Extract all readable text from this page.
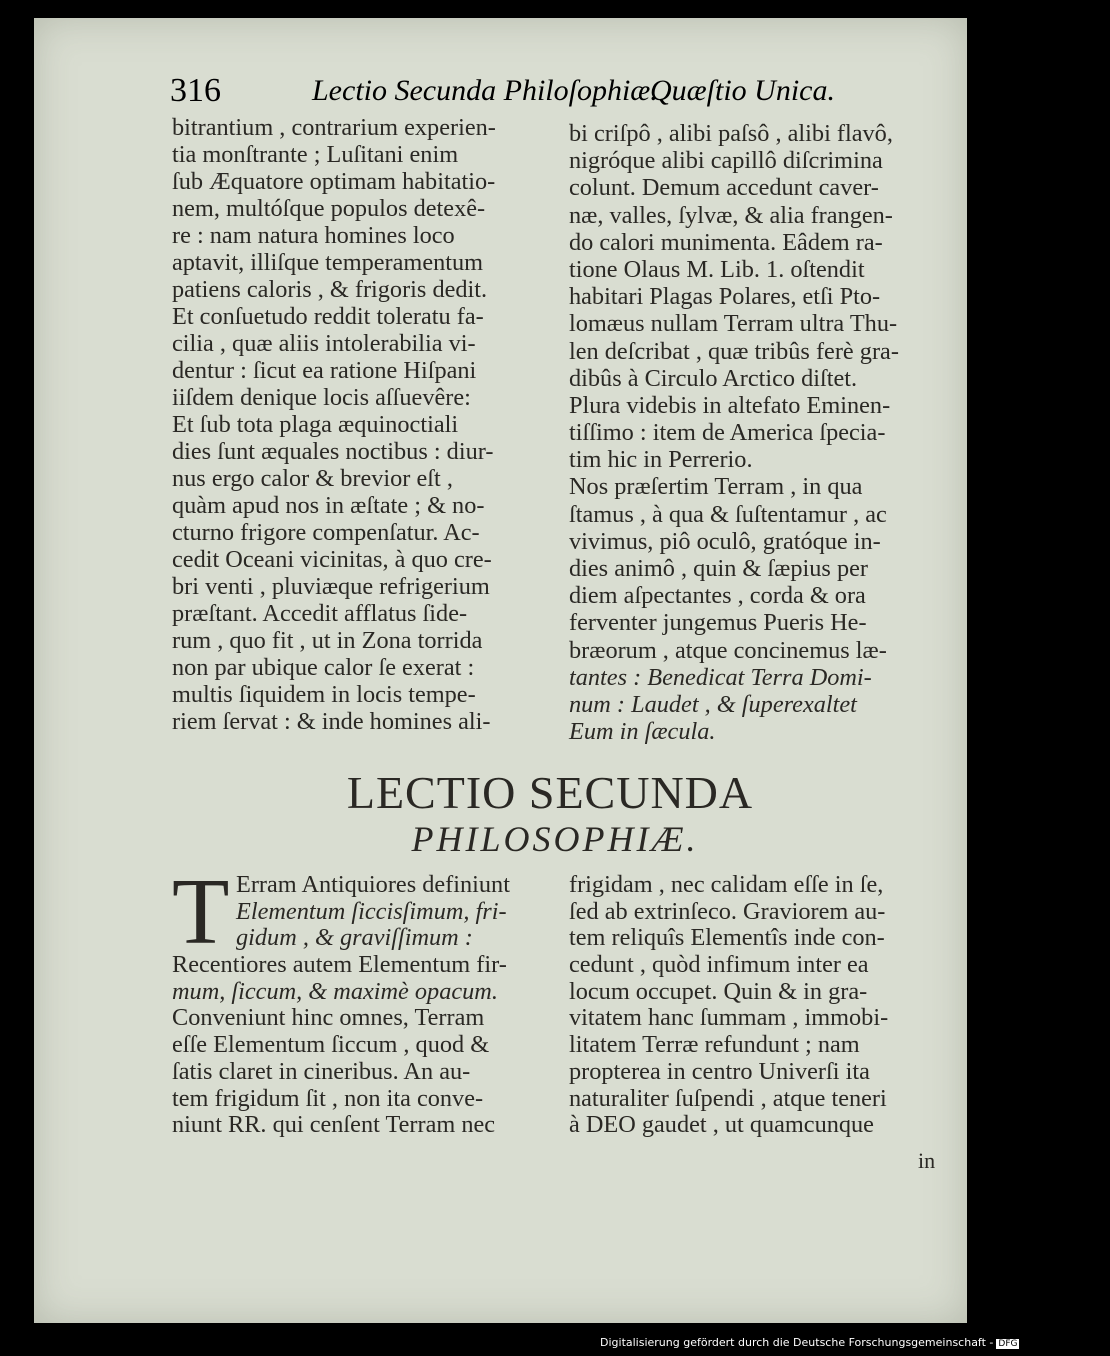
316	Lectio Secunda Philoſophiæ.
Quæſtio Unica.
bitrantium , contrarium experien-
tia monſtrante ; Luſitani enim
ſub Æquatore optimam habitatio-
nem, multóſque populos detexê-
re : nam natura homines loco
aptavit, illiſque temperamentum
patiens caloris , & frigoris dedit.
Et conſuetudo reddit toleratu fa-
cilia , quæ aliis intolerabilia vi-
dentur : ſicut ea ratione Hiſpani
iiſdem denique locis aſſuevêre:
Et ſub tota plaga æquinoctiali
dies ſunt æquales noctibus : diur-
nus ergo calor & brevior eſt ,
quàm apud nos in æſtate ; & no-
cturno frigore compenſatur. Ac-
cedit Oceani vicinitas, à quo cre-
bri venti , pluviæque refrigerium
præſtant. Accedit afflatus ſide-
rum , quo fit , ut in Zona torrida
non par ubique calor ſe exerat :
multis ſiquidem in locis tempe-
riem ſervat : & inde homines ali-
bi criſpô , alibi paſsô , alibi flavô,
nigróque alibi capillô diſcrimina
colunt. Demum accedunt caver-
næ, valles, ſylvæ, & alia frangen-
do calori munimenta. Eâdem ra-
tione Olaus M. Lib. 1. oſtendit
habitari Plagas Polares, etſi Pto-
lomæus nullam Terram ultra Thu-
len deſcribat , quæ tribûs ferè gra-
dibûs à Circulo Arctico diſtet.
Plura videbis in altefato Eminen-
tiſſimo : item de America ſpecia-
tim hic in Perrerio.
Nos præſertim Terram , in qua
ſtamus , à qua & ſuſtentamur , ac
vivimus, piô oculô, gratóque in-
dies animô , quin & ſæpius per
diem aſpectantes , corda & ora
ferventer jungemus Pueris He-
bræorum , atque concinemus læ-
tantes : Benedicat Terra Domi-
num : Laudet , & ſuperexaltet
Eum in ſæcula.
LECTIO SECUNDA
PHILOSOPHIÆ.
T Erram Antiquiores definiunt
Elementum ſiccisſimum, fri-
gidum , & graviſſimum :
Recentiores autem Elementum fir-
mum, ſiccum, & maximè opacum.
Conveniunt hinc omnes, Terram
eſſe Elementum ſiccum , quod &
ſatis claret in cineribus. An au-
tem frigidum ſit , non ita conve-
niunt RR. qui cenſent Terram nec
frigidam , nec calidam eſſe in ſe,
ſed ab extrinſeco. Graviorem au-
tem reliquîs Elementîs inde con-
cedunt , quòd infimum inter ea
locum occupet. Quin & in gra-
vitatem hanc ſummam , immobi-
litatem Terræ refundunt ; nam
propterea in centro Univerſi ita
naturaliter ſuſpendi , atque teneri
à DEO gaudet , ut quamcunque
in
Digitalisierung gefördert durch die Deutsche Forschungsgemeinschaft - DFG
